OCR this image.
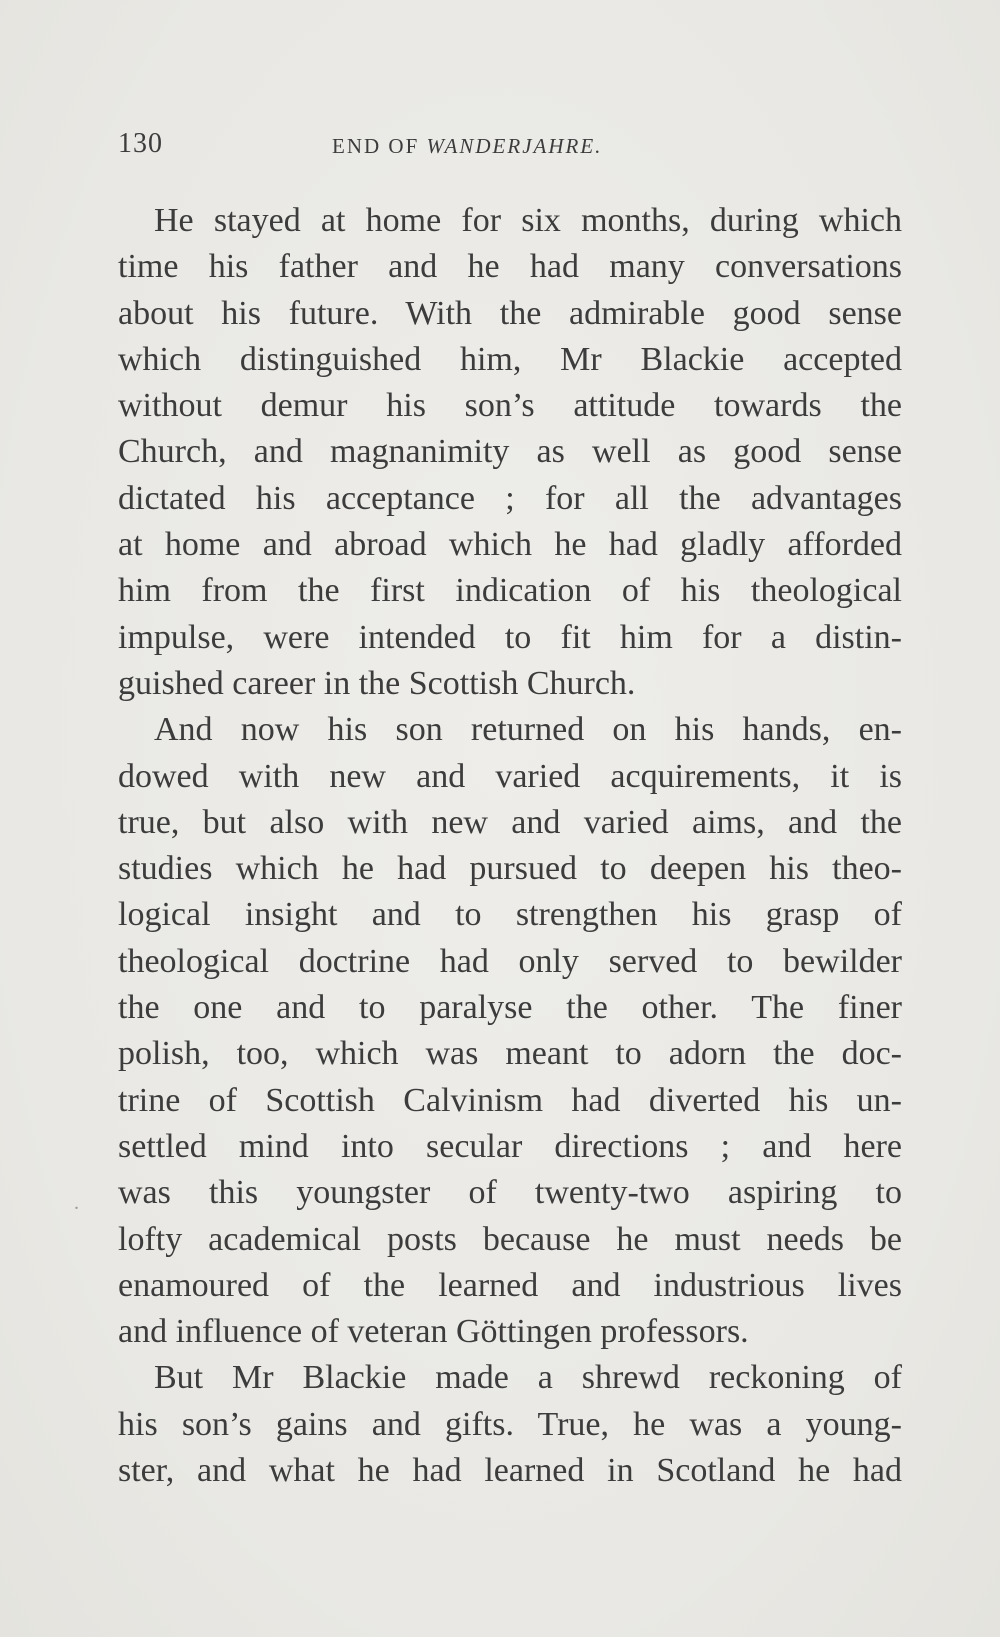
130	END OF WANDERJAHRE.
He stayed at home for six months, during which
time his father and he had many conversations
about his future. With the admirable good sense
which distinguished him, Mr Blackie accepted
without demur his son’s attitude towards the
Church, and magnanimity as well as good sense
dictated his acceptance ; for all the advantages
at home and abroad which he had gladly afforded
him from the first indication of his theological
impulse, were intended to fit him for a distin-
guished career in the Scottish Church.
And now his son returned on his hands, en-
dowed with new and varied acquirements, it is
true, but also with new and varied aims, and the
studies which he had pursued to deepen his theo-
logical insight and to strengthen his grasp of
theological doctrine had only served to bewilder
the one and to paralyse the other. The finer
polish, too, which was meant to adorn the doc-
trine of Scottish Calvinism had diverted his un-
settled mind into secular directions ; and here
was this youngster of twenty-two aspiring to
lofty academical posts because he must needs be
enamoured of the learned and industrious lives
and influence of veteran Göttingen professors.
But Mr Blackie made a shrewd reckoning of
his son’s gains and gifts. True, he was a young-
ster, and what he had learned in Scotland he had
.
